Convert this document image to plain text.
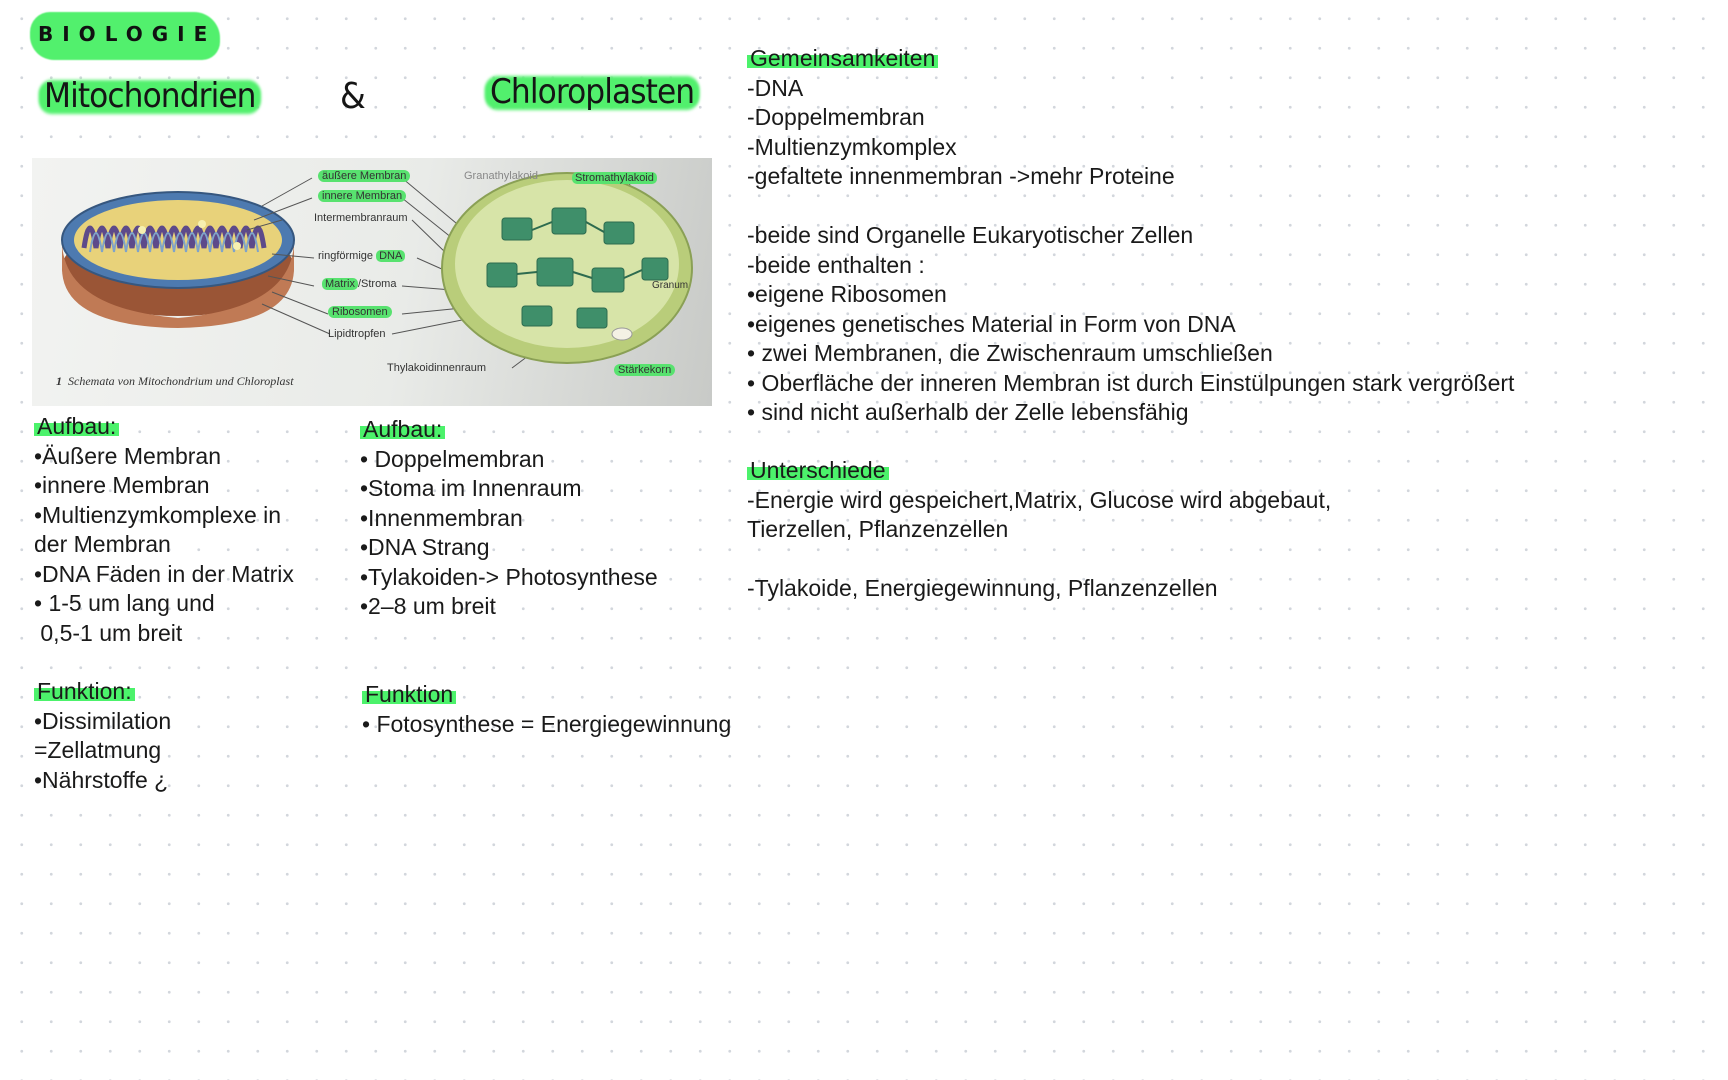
BIOLOGIE
Mitochondrien &	Chloroplasten
äußere Membran
innere Membran
Intermembranraum
ringförmige DNA
Matrix /Stroma
Ribosomen
Lipidtropfen
Granathylakoid	Stromathylakoid
Granum
Thylakoidinnenraum	Stärkekorn
1 Schemata von Mitochondrium und Chloroplast
Aufbau:
•Äußere Membran
•innere Membran
•Multienzymkomplexe in
der Membran
•DNA Fäden in der Matrix
• 1-5 um lang und
0,5-1 um breit
Funktion:
•Dissimilation
=Zellatmung
•Nährstoffe ¿
Aufbau:
• Doppelmembran
•Stoma im Innenraum
•Innenmembran
•DNA Strang
•Tylakoiden-> Photosynthese
•2–8 um breit
Funktion
• Fotosynthese = Energiegewinnung
Gemeinsamkeiten
-DNA
-Doppelmembran
-Multienzymkomplex
-gefaltete innenmembran ->mehr Proteine
-beide sind Organelle Eukaryotischer Zellen
-beide enthalten :
•eigene Ribosomen
•eigenes genetisches Material in Form von DNA
• zwei Membranen, die Zwischenraum umschließen
• Oberfläche der inneren Membran ist durch Einstülpungen stark vergrößert
• sind nicht außerhalb der Zelle lebensfähig
Unterschiede
-Energie wird gespeichert,Matrix, Glucose wird abgebaut,
Tierzellen, Pflanzenzellen
-Tylakoide, Energiegewinnung, Pflanzenzellen
